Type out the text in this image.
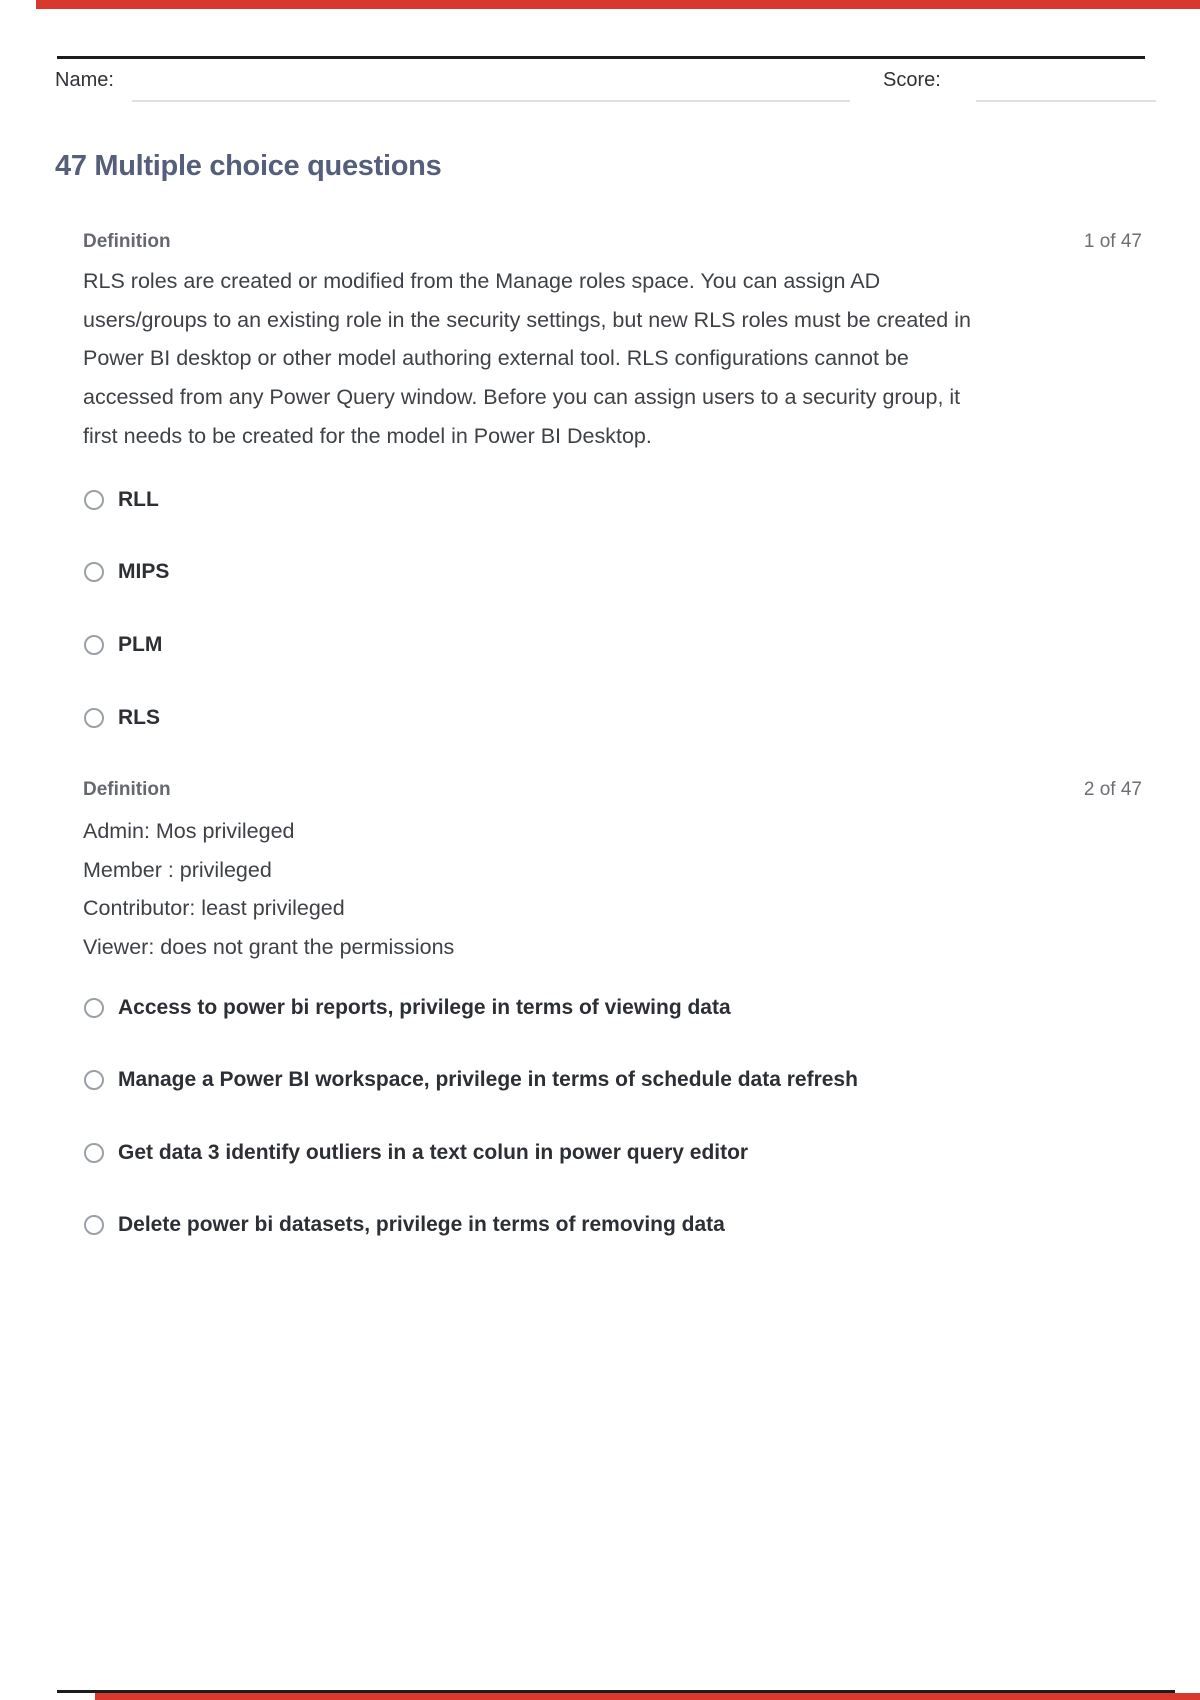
Name:	Score:
47 Multiple choice questions
Definition	1 of 47
RLS roles are created or modified from the Manage roles space. You can assign AD
users/groups to an existing role in the security settings, but new RLS roles must be created in
Power BI desktop or other model authoring external tool. RLS configurations cannot be
accessed from any Power Query window. Before you can assign users to a security group, it
first needs to be created for the model in Power BI Desktop.
RLL
MIPS
PLM
RLS
Definition	2 of 47
Admin: Mos privileged
Member : privileged
Contributor: least privileged
Viewer: does not grant the permissions
Access to power bi reports, privilege in terms of viewing data
Manage a Power BI workspace, privilege in terms of schedule data refresh
Get data 3 identify outliers in a text colun in power query editor
Delete power bi datasets, privilege in terms of removing data
